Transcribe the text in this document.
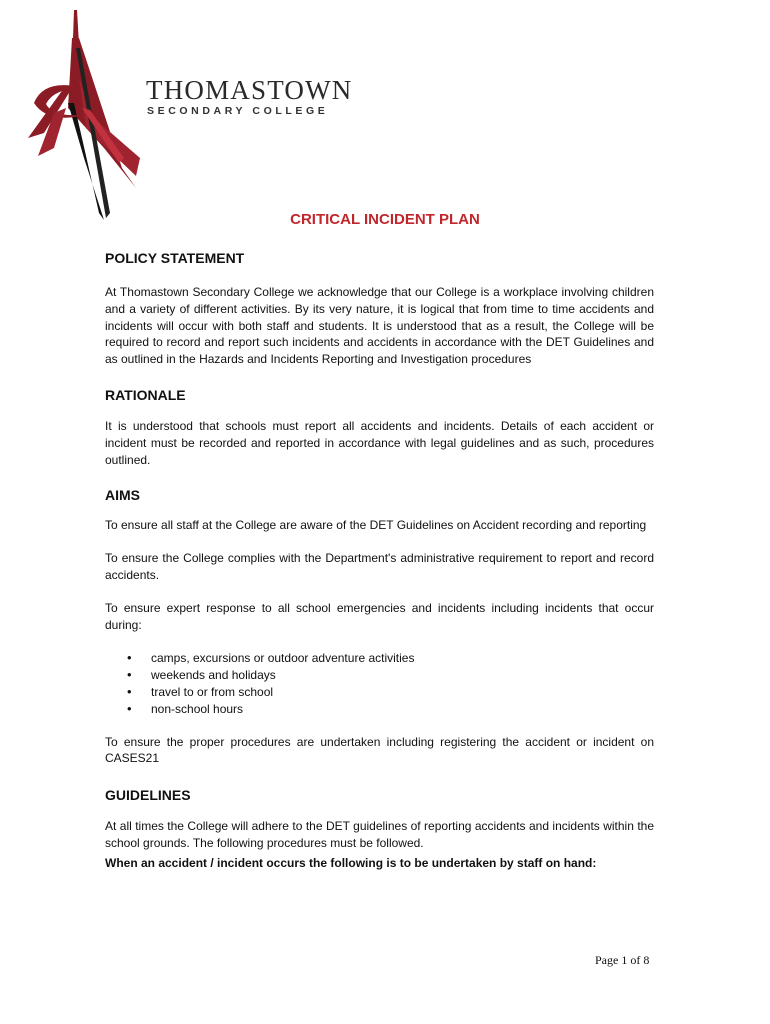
THOMASTOWN
SECONDARY COLLEGE
CRITICAL INCIDENT PLAN
POLICY STATEMENT

At Thomastown Secondary College we acknowledge that our College is a workplace involving children and a variety of different activities. By its very nature, it is logical that from time to time accidents and incidents will occur with both staff and students. It is understood that as a result, the College will be required to record and report such incidents and accidents in accordance with the DET Guidelines and as outlined in the Hazards and Incidents Reporting and Investigation procedures

RATIONALE

It is understood that schools must report all accidents and incidents. Details of each accident or incident must be recorded and reported in accordance with legal guidelines and as such, procedures outlined.

AIMS

To ensure all staff at the College are aware of the DET Guidelines on Accident recording and reporting

To ensure the College complies with the Department's administrative requirement to report and record accidents.

To ensure expert response to all school emergencies and incidents including incidents that occur during:

• camps, excursions or outdoor adventure activities
• weekends and holidays
• travel to or from school
• non-school hours

To ensure the proper procedures are undertaken including registering the accident or incident on CASES21

GUIDELINES

At all times the College will adhere to the DET guidelines of reporting accidents and incidents within the school grounds. The following procedures must be followed.

When an accident / incident occurs the following is to be undertaken by staff on hand:

Page 1 of 8
